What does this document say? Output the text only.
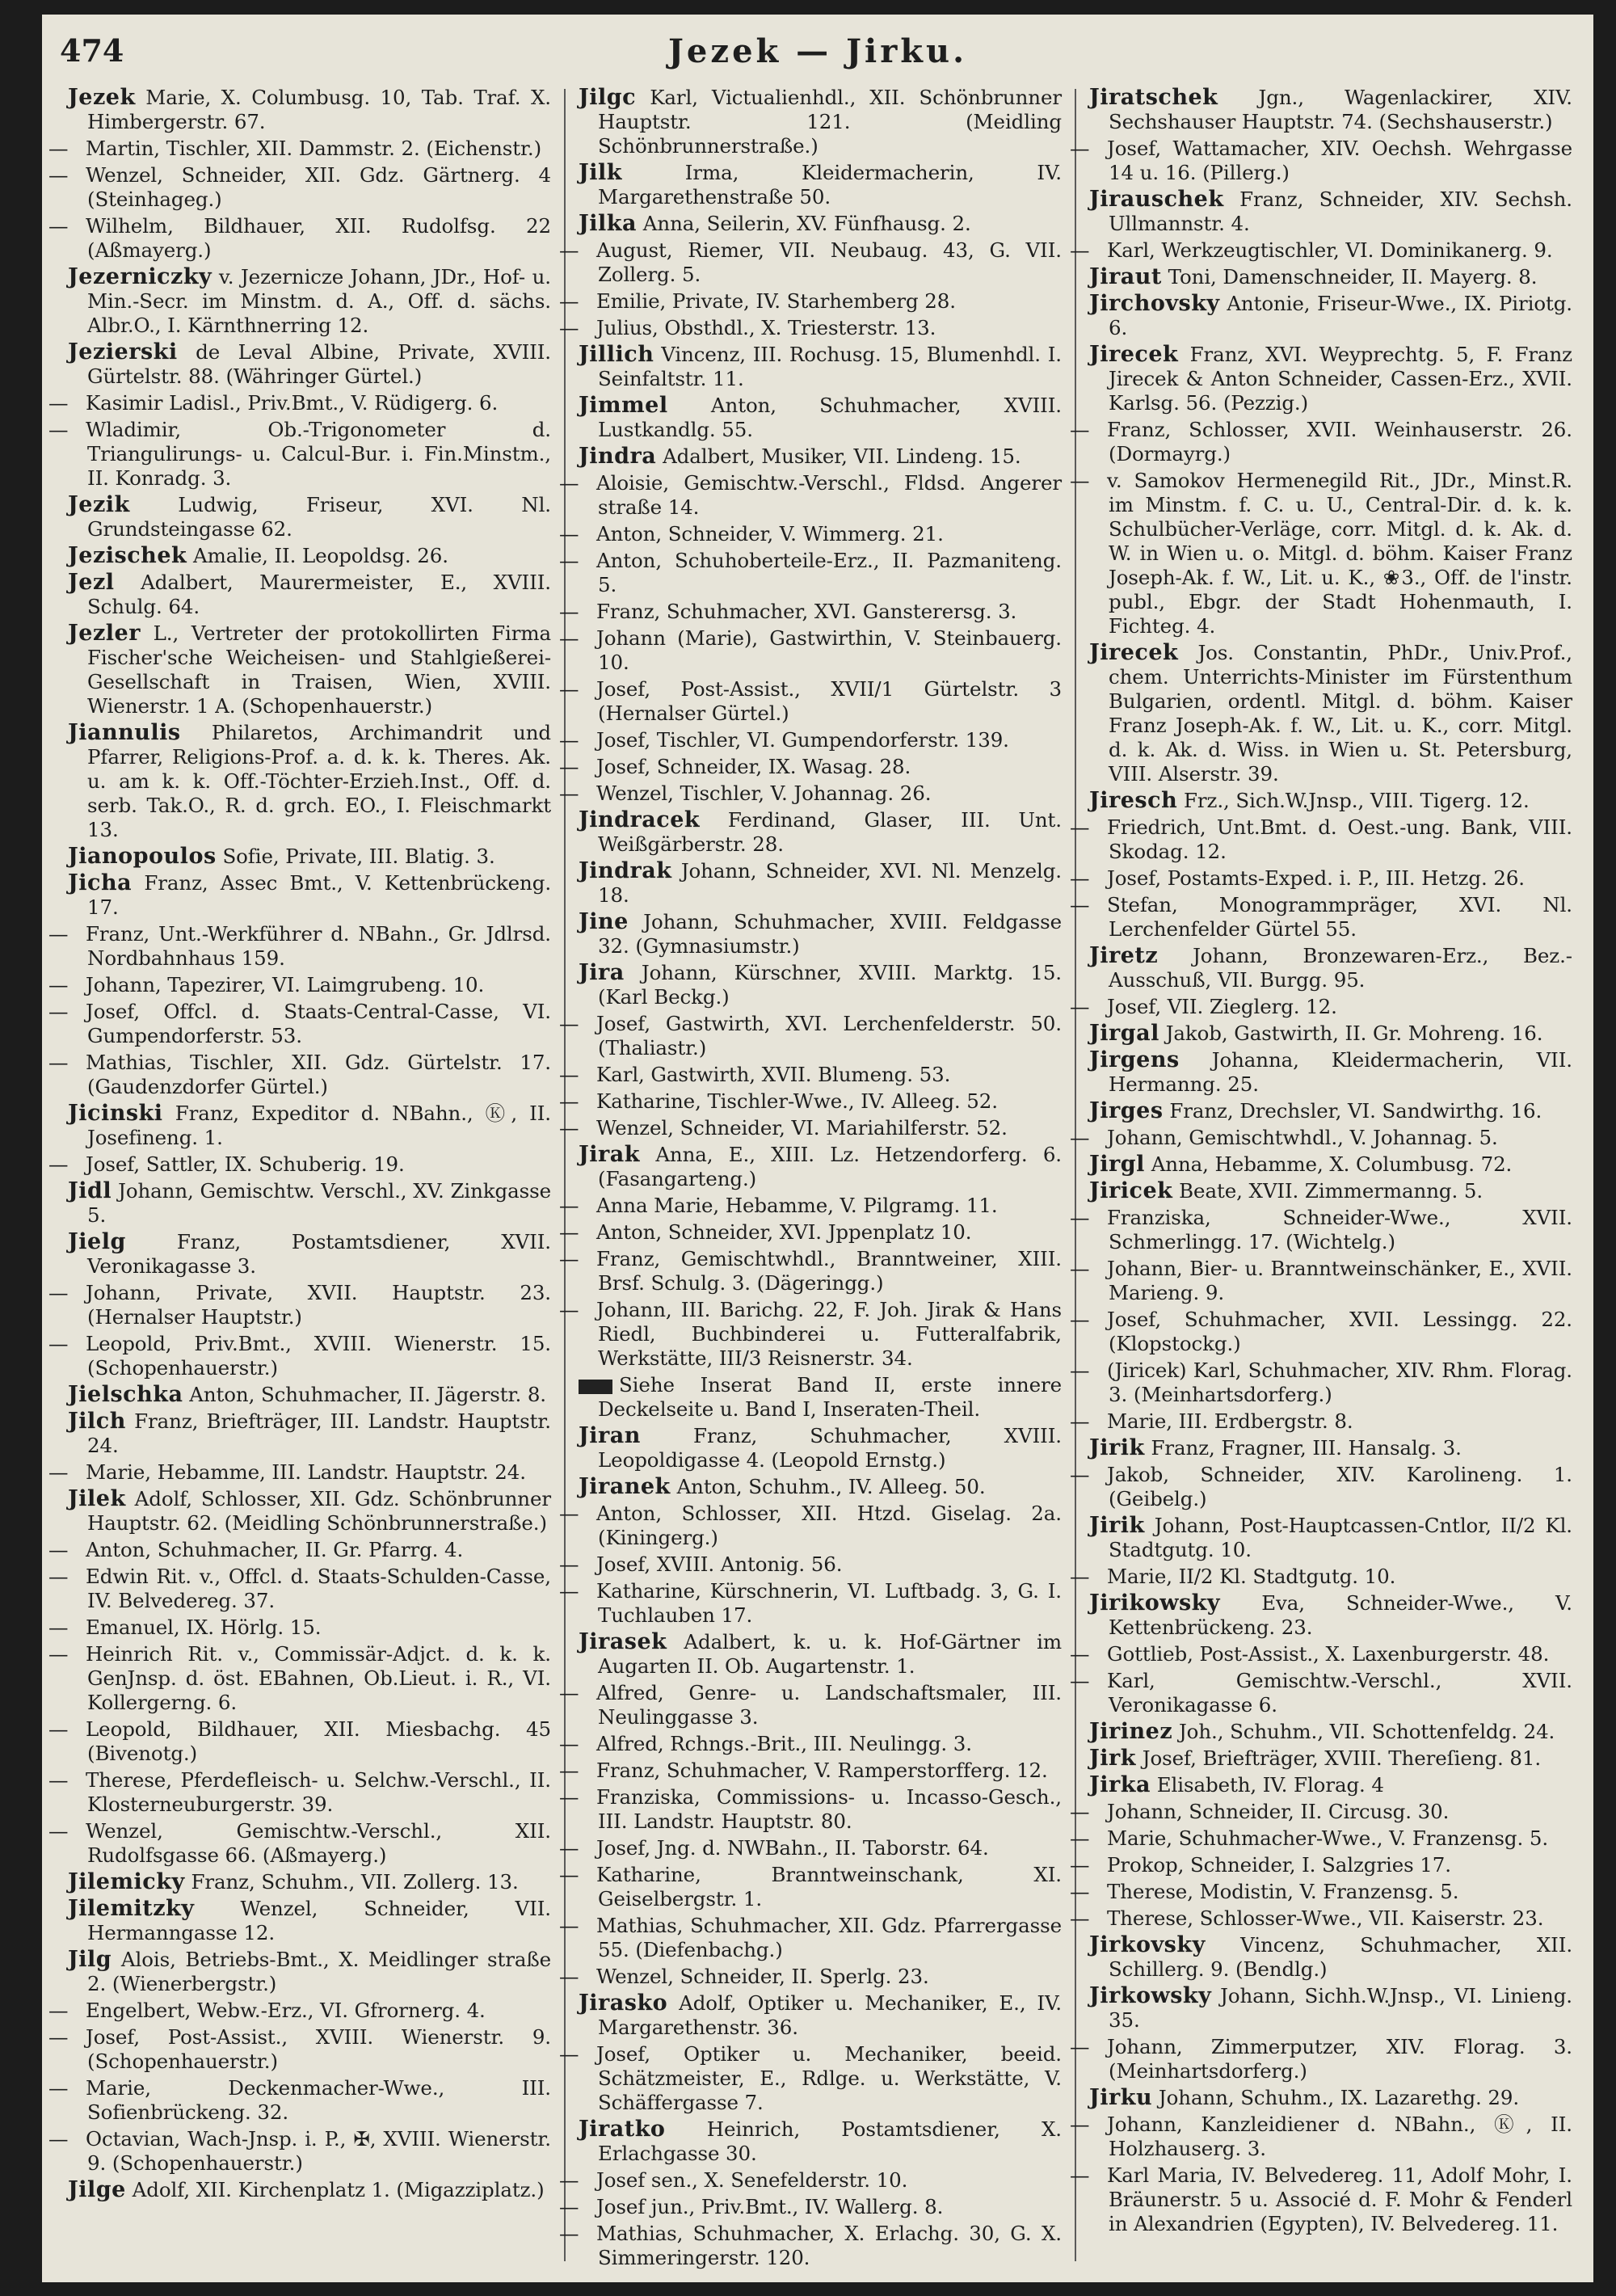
474	Jezek — Jirku.
Jezek Marie, X. Columbusg. 10, Tab. Traf. X. Himbergerstr. 67.
— Martin, Tischler, XII. Dammstr. 2. (Eichenstr.)
— Wenzel, Schneider, XII. Gdz. Gärtnerg. 4 (Steinhageg.)
— Wilhelm, Bildhauer, XII. Rudolfsg. 22 (Aßmayerg.)
Jezerniczky v. Jezernicze Johann, JDr., Hof- u. Min.-Secr. im Minstm. d. A., Off. d. sächs. Albr.O., I. Kärnthnerring 12.
Jezierski de Leval Albine, Private, XVIII. Gürtelstr. 88. (Währinger Gürtel.)
— Kasimir Ladisl., Priv.Bmt., V. Rüdigerg. 6.
— Wladimir, Ob.-Trigonometer d. Triangulirungs- u. Calcul-Bur. i. Fin.Minstm., II. Konradg. 3.
Jezik Ludwig, Friseur, XVI. Nl. Grundsteingasse 62.
Jezischek Amalie, II. Leopoldsg. 26.
Jezl Adalbert, Maurermeister, E., XVIII. Schulg. 64.
Jezler L., Vertreter der protokollirten Firma Fischer'sche Weicheisen- und Stahlgießerei-Gesellschaft in Traisen, Wien, XVIII. Wienerstr. 1 A. (Schopenhauerstr.)
Jiannulis Philaretos, Archimandrit und Pfarrer, Religions-Prof. a. d. k. k. Theres. Ak. u. am k. k. Off.-Töchter-Erzieh.Inst., Off. d. serb. Tak.O., R. d. grch. EO., I. Fleischmarkt 13.
Jianopoulos Sofie, Private, III. Blatig. 3.
Jicha Franz, Assec Bmt., V. Kettenbrückeng. 17.
— Franz, Unt.-Werkführer d. NBahn., Gr. Jdlrsd. Nordbahnhaus 159.
— Johann, Tapezirer, VI. Laimgrubeng. 10.
— Josef, Offcl. d. Staats-Central-Casse, VI. Gumpendorferstr. 53.
— Mathias, Tischler, XII. Gdz. Gürtelstr. 17. (Gaudenzdorfer Gürtel.)
Jicinski Franz, Expeditor d. NBahn., Ⓚ, II. Josefineng. 1.
— Josef, Sattler, IX. Schuberig. 19.
Jidl Johann, Gemischtw. Verschl., XV. Zinkgasse 5.
Jielg	Franz, Postamtsdiener, XVII. Veronikagasse 3.
— Johann, Private, XVII. Hauptstr. 23. (Hernalser Hauptstr.)
— Leopold, Priv.Bmt., XVIII. Wienerstr. 15. (Schopenhauerstr.)
Jielschka Anton, Schuhmacher, II. Jägerstr. 8.
Jilch Franz, Briefträger, III. Landstr. Hauptstr. 24.
— Marie, Hebamme, III. Landstr. Hauptstr. 24.
Jilek Adolf, Schlosser, XII. Gdz. Schönbrunner Hauptstr. 62. (Meidling Schönbrunnerstraße.)
— Anton, Schuhmacher, II. Gr. Pfarrg. 4.
— Edwin Rit. v., Offcl. d. Staats-Schulden-Casse, IV. Belvedereg. 37.
— Emanuel, IX. Hörlg. 15.
— Heinrich Rit. v., Commissär-Adjct. d. k. k. GenJnsp. d. öst. EBahnen, Ob.Lieut. i. R., VI. Kollergerng. 6.
— Leopold, Bildhauer, XII. Miesbachg. 45 (Bivenotg.)
— Therese, Pferdefleisch- u. Selchw.-Verschl., II. Klosterneuburgerstr. 39.
— Wenzel, Gemischtw.-Verschl., XII. Rudolfsgasse 66. (Aßmayerg.)
Jilemicky Franz, Schuhm., VII. Zollerg. 13.
Jilemitzky Wenzel, Schneider, VII. Hermanngasse 12.
Jilg Alois, Betriebs-Bmt., X. Meidlinger straße 2. (Wienerbergstr.)
— Engelbert, Webw.-Erz., VI. Gfrornerg. 4.
— Josef, Post-Assist., XVIII. Wienerstr. 9. (Schopenhauerstr.)
— Marie, Deckenmacher-Wwe., III. Sofienbrückeng. 32.
— Octavian, Wach-Jnsp. i. P., ✠, XVIII. Wienerstr. 9. (Schopenhauerstr.)
Jilge Adolf, XII. Kirchenplatz 1. (Migazziplatz.)
Jilgc Karl, Victualienhdl., XII. Schönbrunner Hauptstr. 121. (Meidling Schönbrunnerstraße.)
Jilk	Irma, Kleidermacherin, IV. Margarethenstraße 50.
Jilka Anna, Seilerin, XV. Fünfhausg. 2.
— August, Riemer, VII. Neubaug. 43, G. VII. Zollerg. 5.
— Emilie, Private, IV. Starhemberg 28.
— Julius, Obsthdl., X. Triesterstr. 13.
Jillich Vincenz, III. Rochusg. 15, Blumenhdl. I. Seinfaltstr. 11.
Jimmel Anton, Schuhmacher, XVIII. Lustkandlg. 55.
Jindra Adalbert, Musiker, VII. Lindeng. 15.
— Aloisie, Gemischtw.-Verschl., Fldsd. Angerer straße 14.
— Anton, Schneider, V. Wimmerg. 21.
— Anton, Schuhoberteile-Erz., II. Pazmaniteng. 5.
— Franz, Schuhmacher, XVI. Gansterersg. 3.
— Johann (Marie), Gastwirthin, V. Steinbauerg. 10.
— Josef, Post-Assist., XVII/1 Gürtelstr. 3 (Hernalser Gürtel.)
— Josef, Tischler, VI. Gumpendorferstr. 139.
— Josef, Schneider, IX. Wasag. 28.
— Wenzel, Tischler, V. Johannag. 26.
Jindracek Ferdinand, Glaser, III. Unt. Weißgärberstr. 28.
Jindrak Johann, Schneider, XVI. Nl. Menzelg. 18.
Jine Johann, Schuhmacher, XVIII. Feldgasse 32. (Gymnasiumstr.)
Jira Johann, Kürschner, XVIII. Marktg. 15. (Karl Beckg.)
— Josef, Gastwirth, XVI. Lerchenfelderstr. 50. (Thaliastr.)
— Karl, Gastwirth, XVII. Blumeng. 53.
— Katharine, Tischler-Wwe., IV. Alleeg. 52.
— Wenzel, Schneider, VI. Mariahilferstr. 52.
Jirak Anna, E., XIII. Lz. Hetzendorferg. 6. (Fasangarteng.)
— Anna Marie, Hebamme, V. Pilgramg. 11.
— Anton, Schneider, XVI. Jppenplatz 10.
— Franz, Gemischtwhdl., Branntweiner, XIII. Brsf. Schulg. 3. (Dägeringg.)
— Johann, III. Barichg. 22, F. Joh. Jirak & Hans Riedl, Buchbinderei u. Futteralfabrik, Werkstätte, III/3 Reisnerstr. 34.
Siehe Inserat Band II, erste innere Deckelseite u. Band I, Inseraten-Theil.
Jiran	Franz, Schuhmacher, XVIII. Leopoldigasse 4. (Leopold Ernstg.)
Jiranek Anton, Schuhm., IV. Alleeg. 50.
— Anton, Schlosser, XII. Htzd. Giselag. 2a. (Kiningerg.)
— Josef, XVIII. Antonig. 56.
— Katharine, Kürschnerin, VI. Luftbadg. 3, G. I. Tuchlauben 17.
Jirasek Adalbert, k. u. k. Hof-Gärtner im Augarten II. Ob. Augartenstr. 1.
— Alfred, Genre- u. Landschaftsmaler, III. Neulinggasse 3.
— Alfred, Rchngs.-Brit., III. Neulingg. 3.
— Franz, Schuhmacher, V. Ramperstorfferg. 12.
— Franziska, Commissions- u. Incasso-Gesch., III. Landstr. Hauptstr. 80.
— Josef, Jng. d. NWBahn., II. Taborstr. 64.
— Katharine, Branntweinschank, XI. Geiselbergstr. 1.
— Mathias, Schuhmacher, XII. Gdz. Pfarrergasse 55. (Diefenbachg.)
— Wenzel, Schneider, II. Sperlg. 23.
Jirasko Adolf, Optiker u. Mechaniker, E., IV. Margarethenstr. 36.
— Josef, Optiker u. Mechaniker, beeid. Schätzmeister, E., Rdlge. u. Werkstätte, V. Schäffergasse 7.
Jiratko Heinrich, Postamtsdiener, X. Erlachgasse 30.
— Josef sen., X. Senefelderstr. 10.
— Josef jun., Priv.Bmt., IV. Wallerg. 8.
— Mathias, Schuhmacher, X. Erlachg. 30, G. X. Simmeringerstr. 120.
Jiratschek Jgn., Wagenlackirer, XIV. Sechshauser Hauptstr. 74. (Sechshauserstr.)
— Josef, Wattamacher, XIV. Oechsh. Wehrgasse 14 u. 16. (Pillerg.)
Jirauschek Franz, Schneider, XIV. Sechsh. Ullmannstr. 4.
— Karl, Werkzeugtischler, VI. Dominikanerg. 9.
Jiraut Toni, Damenschneider, II. Mayerg. 8.
Jirchovsky Antonie, Friseur-Wwe., IX. Piriotg. 6.
Jirecek Franz, XVI. Weyprechtg. 5, F. Franz Jirecek & Anton Schneider, Cassen-Erz., XVII. Karlsg. 56. (Pezzig.)
— Franz, Schlosser, XVII. Weinhauserstr. 26. (Dormayrg.)
— v. Samokov Hermenegild Rit., JDr., Minst.R. im Minstm. f. C. u. U., Central-Dir. d. k. k. Schulbücher-Verläge, corr. Mitgl. d. k. Ak. d. W. in Wien u. o. Mitgl. d. böhm. Kaiser Franz Joseph-Ak. f. W., Lit. u. K., ❀3., Off. de l'instr. publ., Ebgr. der Stadt Hohenmauth, I. Fichteg. 4.
Jirecek Jos. Constantin, PhDr., Univ.Prof., chem. Unterrichts-Minister im Fürstenthum Bulgarien, ordentl. Mitgl. d. böhm. Kaiser Franz Joseph-Ak. f. W., Lit. u. K., corr. Mitgl. d. k. Ak. d. Wiss. in Wien u. St. Petersburg, VIII. Alserstr. 39.
Jiresch Frz., Sich.W.Jnsp., VIII. Tigerg. 12.
— Friedrich, Unt.Bmt. d. Oest.-ung. Bank, VIII. Skodag. 12.
— Josef, Postamts-Exped. i. P., III. Hetzg. 26.
— Stefan, Monogrammpräger, XVI. Nl. Lerchenfelder Gürtel 55.
Jiretz Johann, Bronzewaren-Erz., Bez.-Ausschuß, VII. Burgg. 95.
— Josef, VII. Zieglerg. 12.
Jirgal Jakob, Gastwirth, II. Gr. Mohreng. 16.
Jirgens Johanna, Kleidermacherin, VII. Hermanng. 25.
Jirges Franz, Drechsler, VI. Sandwirthg. 16.
— Johann, Gemischtwhdl., V. Johannag. 5.
Jirgl Anna, Hebamme, X. Columbusg. 72.
Jiricek Beate, XVII. Zimmermanng. 5.
— Franziska, Schneider-Wwe., XVII. Schmerlingg. 17. (Wichtelg.)
— Johann, Bier- u. Branntweinschänker, E., XVII. Marieng. 9.
— Josef, Schuhmacher, XVII. Lessingg. 22. (Klopstockg.)
— (Jiricek) Karl, Schuhmacher, XIV. Rhm. Florag. 3. (Meinhartsdorferg.)
— Marie, III. Erdbergstr. 8.
Jirik Franz, Fragner, III. Hansalg. 3.
— Jakob, Schneider, XIV. Karolineng. 1. (Geibelg.)
Jirik Johann, Post-Hauptcassen-Cntlor, II/2 Kl. Stadtgutg. 10.
— Marie, II/2 Kl. Stadtgutg. 10.
Jirikowsky Eva, Schneider-Wwe., V. Kettenbrückeng. 23.
— Gottlieb, Post-Assist., X. Laxenburgerstr. 48.
— Karl, Gemischtw.-Verschl., XVII. Veronikagasse 6.
Jirinez Joh., Schuhm., VII. Schottenfeldg. 24.
Jirk Josef, Briefträger, XVIII. Thereſieng. 81.
Jirka Elisabeth, IV. Florag. 4
— Johann, Schneider, II. Circusg. 30.
— Marie, Schuhmacher-Wwe., V. Franzensg. 5.
— Prokop, Schneider, I. Salzgries 17.
— Therese, Modistin, V. Franzensg. 5.
— Therese, Schlosser-Wwe., VII. Kaiserstr. 23.
Jirkovsky Vincenz, Schuhmacher, XII. Schillerg. 9. (Bendlg.)
Jirkowsky Johann, Sichh.W.Jnsp., VI. Linieng. 35.
— Johann, Zimmerputzer, XIV. Florag. 3. (Meinhartsdorferg.)
Jirku Johann, Schuhm., IX. Lazarethg. 29.
— Johann, Kanzleidiener d. NBahn., Ⓚ, II. Holzhauserg. 3.
— Karl Maria, IV. Belvedereg. 11, Adolf Mohr, I. Bräunerstr. 5 u. Associé d. F. Mohr & Fenderl in Alexandrien (Egypten), IV. Belvedereg. 11.
